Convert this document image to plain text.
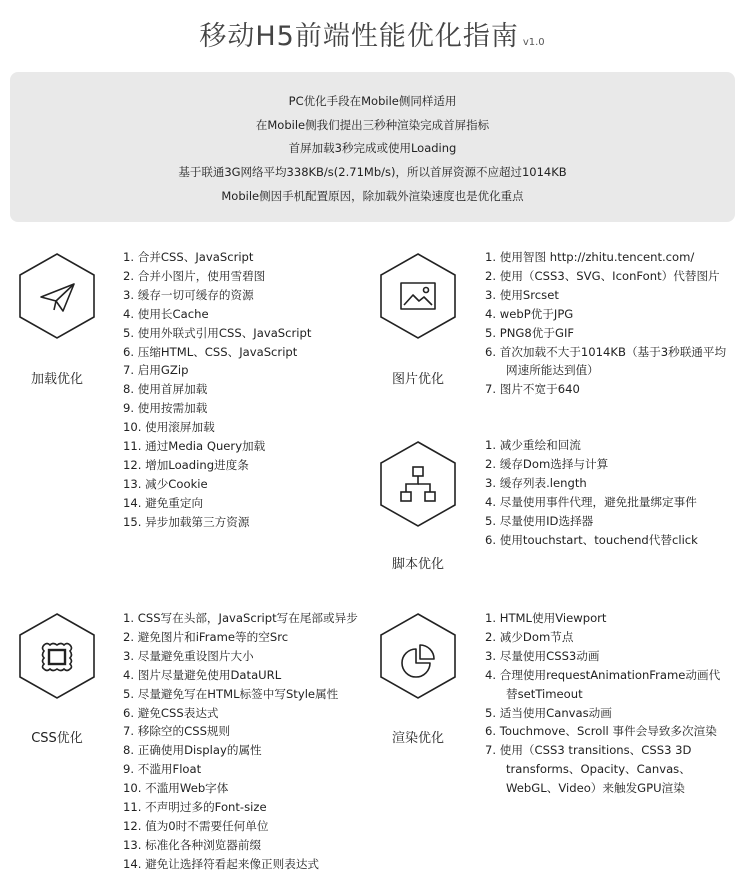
移动H5前端性能优化指南 v1.0

PC优化手段在Mobile侧同样适用

在Mobile侧我们提出三秒种渲染完成首屏指标

首屏加载3秒完成或使用Loading

基于联通3G网络平均338KB/s(2.71Mb/s)，所以首屏资源不应超过1014KB

Mobile侧因手机配置原因，除加载外渲染速度也是优化重点

加载优化
1. 合并CSS、JavaScript
2. 合并小图片，使用雪碧图
3. 缓存一切可缓存的资源
4. 使用长Cache
5. 使用外联式引用CSS、JavaScript
6. 压缩HTML、CSS、JavaScript
7. 启用GZip
8. 使用首屏加载
9. 使用按需加载
10. 使用滚屏加载
11. 通过Media Query加载
12. 增加Loading进度条
13. 减少Cookie
14. 避免重定向
15. 异步加载第三方资源
图片优化
1. 使用智图 http://zhitu.tencent.com/
2. 使用（CSS3、SVG、IconFont）代替图片
3. 使用Srcset
4. webP优于JPG
5. PNG8优于GIF
6. 首次加载不大于1014KB（基于3秒联通平均网速所能达到值）
7. 图片不宽于640
脚本优化
1. 减少重绘和回流
2. 缓存Dom选择与计算
3. 缓存列表.length
4. 尽量使用事件代理，避免批量绑定事件
5. 尽量使用ID选择器
6. 使用touchstart、touchend代替click
CSS优化
1. CSS写在头部，JavaScript写在尾部或异步
2. 避免图片和iFrame等的空Src
3. 尽量避免重设图片大小
4. 图片尽量避免使用DataURL
5. 尽量避免写在HTML标签中写Style属性
6. 避免CSS表达式
7. 移除空的CSS规则
8. 正确使用Display的属性
9. 不滥用Float
10. 不滥用Web字体
11. 不声明过多的Font-size
12. 值为0时不需要任何单位
13. 标准化各种浏览器前缀
14. 避免让选择符看起来像正则表达式
渲染优化
1. HTML使用Viewport
2. 减少Dom节点
3. 尽量使用CSS3动画
4. 合理使用requestAnimationFrame动画代替setTimeout
5. 适当使用Canvas动画
6. Touchmove、Scroll 事件会导致多次渲染
7. 使用（CSS3 transitions、CSS3 3D transforms、Opacity、Canvas、WebGL、Video）来触发GPU渲染
